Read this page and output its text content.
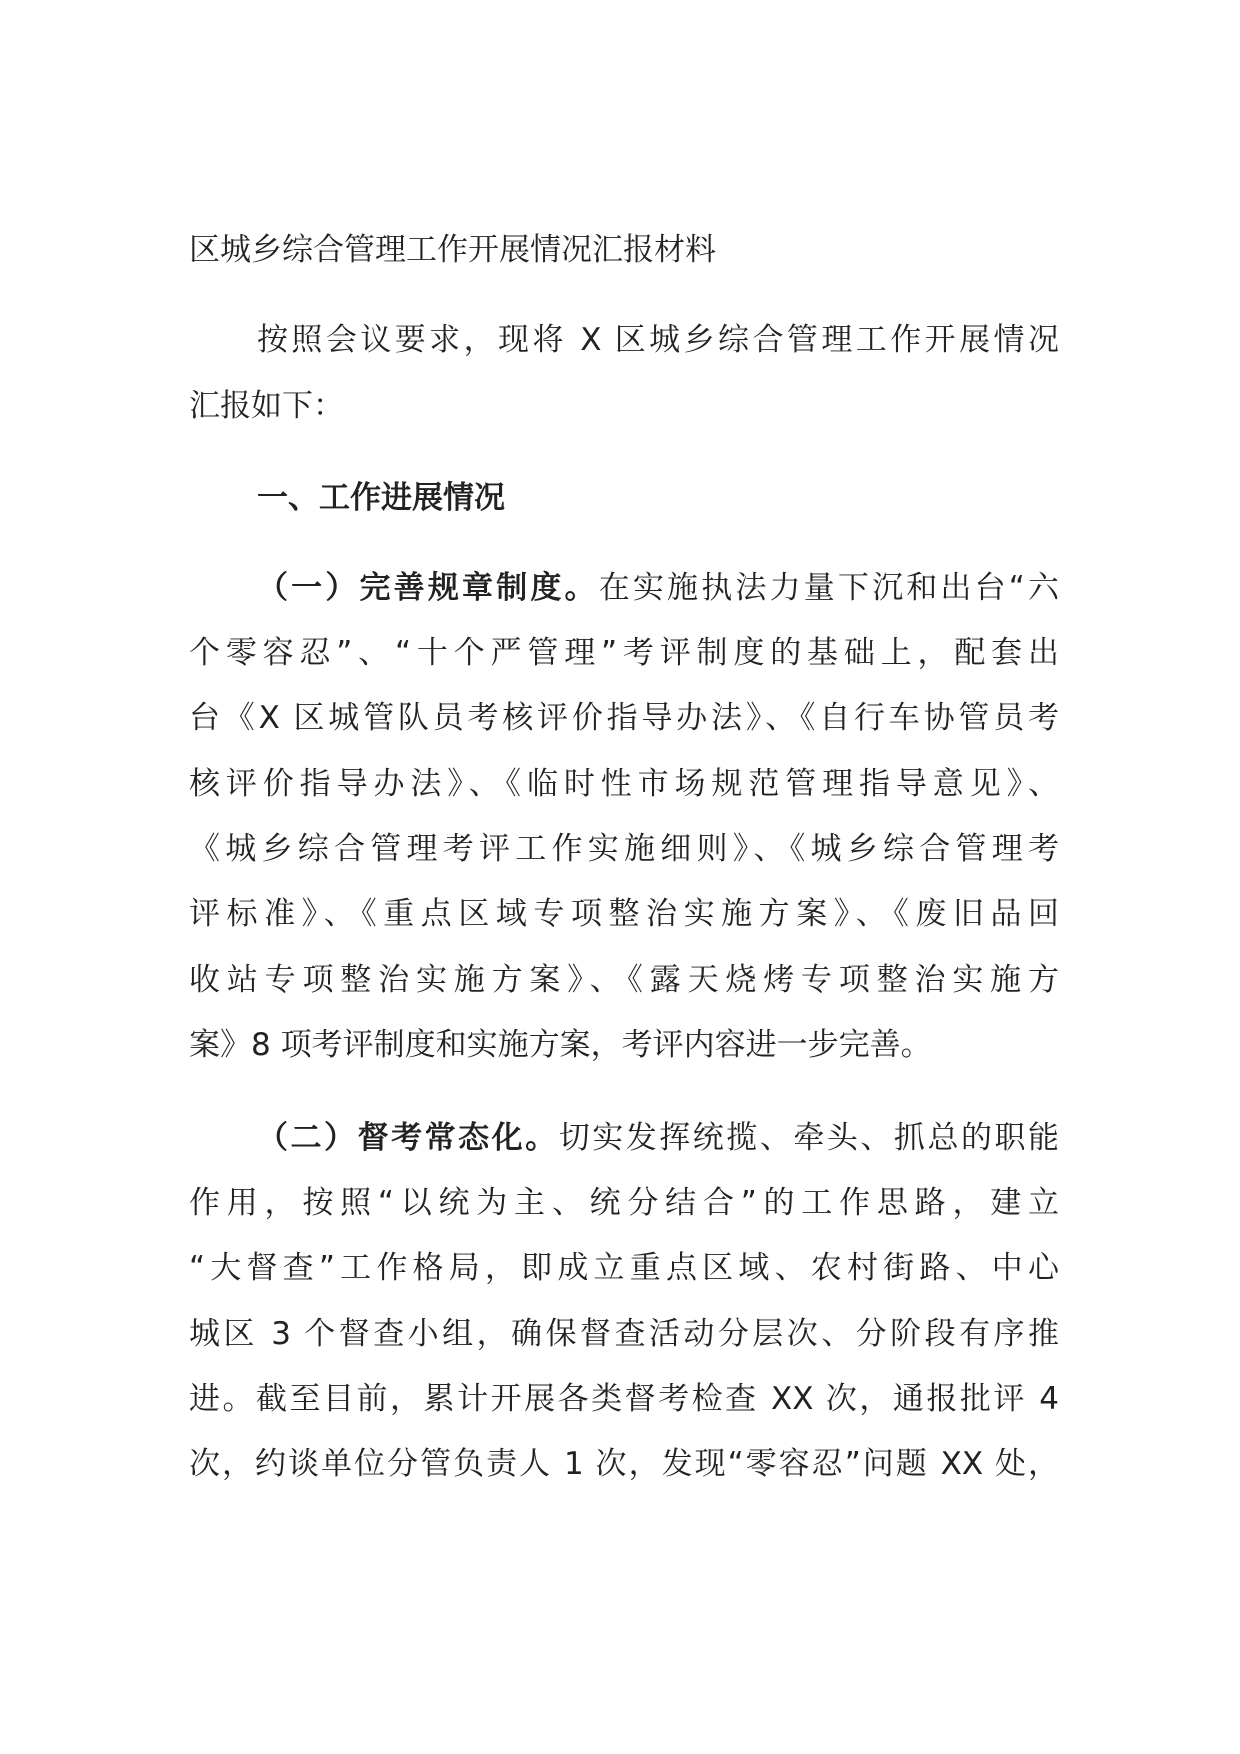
区城乡综合管理工作开展情况汇报材料
按照会议要求，现将 X 区城乡综合管理工作开展情况
汇报如下：
一、工作进展情况
（一）完善规章制度。在实施执法力量下沉和出台“六
个零容忍”、“十个严管理”考评制度的基础上，配套出
台《X 区城管队员考核评价指导办法》、《自行车协管员考
核评价指导办法》、《临时性市场规范管理指导意见》、
《城乡综合管理考评工作实施细则》、《城乡综合管理考
评标准》、《重点区域专项整治实施方案》、《废旧品回
收站专项整治实施方案》、《露天烧烤专项整治实施方
案》8 项考评制度和实施方案，考评内容进一步完善。
（二）督考常态化。切实发挥统揽、牵头、抓总的职能
作用，按照“以统为主、统分结合”的工作思路，建立
“大督查”工作格局，即成立重点区域、农村街路、中心
城区 3 个督查小组，确保督查活动分层次、分阶段有序推
进。截至目前，累计开展各类督考检查 XX 次，通报批评 4
次，约谈单位分管负责人 1 次，发现“零容忍”问题 XX 处，
